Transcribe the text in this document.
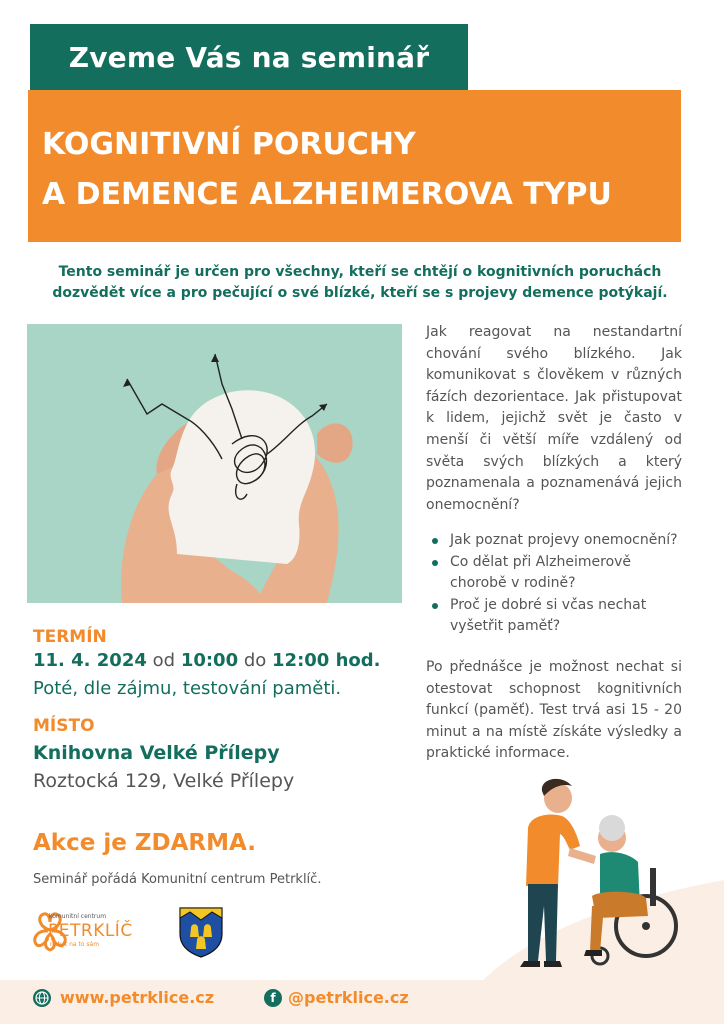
Zveme Vás na seminář
KOGNITIVNÍ PORUCHY
A DEMENCE ALZHEIMEROVA TYPU

Tento seminář je určen pro všechny, kteří se chtějí o kognitivních poruchách dozvědět více a pro pečující o své blízké, kteří se s projevy demence potýkají.

Jak reagovat na nestandartní chování svého blízkého. Jak komunikovat s člověkem v různých fázích dezorientace. Jak přistupovat k lidem, jejichž svět je často v menší či větší míře vzdálený od světa svých blízkých a který poznamenala a poznamenává jejich onemocnění?

Jak poznat projevy onemocnění?
Co dělat při Alzheimerově chorobě v rodině?
Proč je dobré si včas nechat vyšetřit paměť?

Po přednášce je možnost nechat si otestovat schopnost kognitivních funkcí (paměť). Test trvá asi 15 - 20 minut a na místě získáte výsledky a praktické informace.

TERMÍN
11. 4. 2024 od 10:00 do 12:00 hod.
Poté, dle zájmu, testování paměti.
MÍSTO
Knihovna Velké Přílepy
Roztocká 129, Velké Přílepy
Akce je ZDARMA.
Seminář pořádá Komunitní centrum Petrklíč.
komunitní centrum
PETRKLÍČ
nebýt na to sám
www.petrklice.cz	f @petrklice.cz
